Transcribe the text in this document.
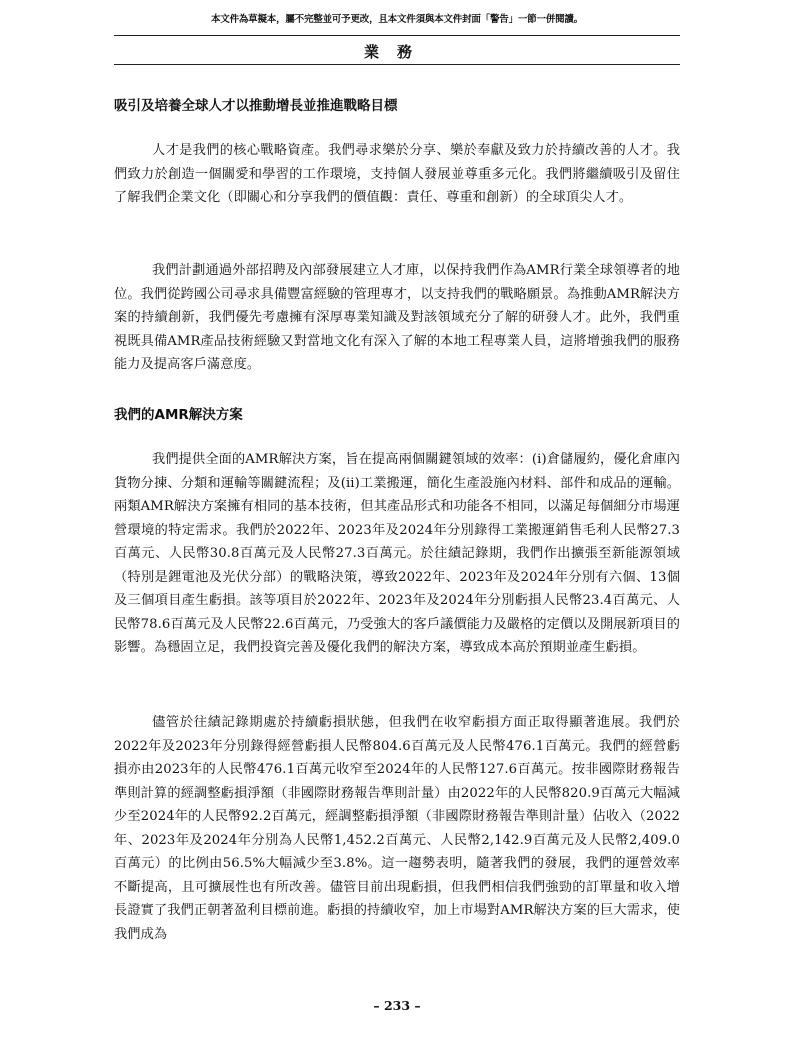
本文件為草擬本，屬不完整並可予更改，且本文件須與本文件封面「警告」一節一併閱讀。
業務
吸引及培養全球人才以推動增長並推進戰略目標

人才是我們的核心戰略資產。我們尋求樂於分享、樂於奉獻及致力於持續改善的人才。我們致力於創造一個關愛和學習的工作環境，支持個人發展並尊重多元化。我們將繼續吸引及留住了解我們企業文化（即關心和分享我們的價值觀：責任、尊重和創新）的全球頂尖人才。

我們計劃通過外部招聘及內部發展建立人才庫，以保持我們作為AMR行業全球領導者的地位。我們從跨國公司尋求具備豐富經驗的管理專才，以支持我們的戰略願景。為推動AMR解決方案的持續創新，我們優先考慮擁有深厚專業知識及對該領域充分了解的研發人才。此外，我們重視既具備AMR產品技術經驗又對當地文化有深入了解的本地工程專業人員，這將增強我們的服務能力及提高客戶滿意度。

我們的AMR解決方案

我們提供全面的AMR解決方案，旨在提高兩個關鍵領域的效率：(i)倉儲履約，優化倉庫內貨物分揀、分類和運輸等關鍵流程；及(ii)工業搬運，簡化生產設施內材料、部件和成品的運輸。兩類AMR解決方案擁有相同的基本技術，但其產品形式和功能各不相同，以滿足每個細分市場運營環境的特定需求。我們於2022年、2023年及2024年分別錄得工業搬運銷售毛利人民幣27.3百萬元、人民幣30.8百萬元及人民幣27.3百萬元。於往績記錄期，我們作出擴張至新能源領域（特別是鋰電池及光伏分部）的戰略決策，導致2022年、2023年及2024年分別有六個、13個及三個項目產生虧損。該等項目於2022年、2023年及2024年分別虧損人民幣23.4百萬元、人民幣78.6百萬元及人民幣22.6百萬元，乃受強大的客戶議價能力及嚴格的定價以及開展新項目的影響。為穩固立足，我們投資完善及優化我們的解決方案，導致成本高於預期並產生虧損。

儘管於往績記錄期處於持續虧損狀態，但我們在收窄虧損方面正取得顯著進展。我們於2022年及2023年分別錄得經營虧損人民幣804.6百萬元及人民幣476.1百萬元。我們的經營虧損亦由2023年的人民幣476.1百萬元收窄至2024年的人民幣127.6百萬元。按非國際財務報告準則計算的經調整虧損淨額（非國際財務報告準則計量）由2022年的人民幣820.9百萬元大幅減少至2024年的人民幣92.2百萬元，經調整虧損淨額（非國際財務報告準則計量）佔收入（2022年、2023年及2024年分別為人民幣1,452.2百萬元、人民幣2,142.9百萬元及人民幣2,409.0百萬元）的比例由56.5%大幅減少至3.8%。這一趨勢表明，隨著我們的發展，我們的運營效率不斷提高，且可擴展性也有所改善。儘管目前出現虧損，但我們相信我們強勁的訂單量和收入增長證實了我們正朝著盈利目標前進。虧損的持續收窄，加上市場對AMR解決方案的巨大需求，使我們成為

– 233 –
